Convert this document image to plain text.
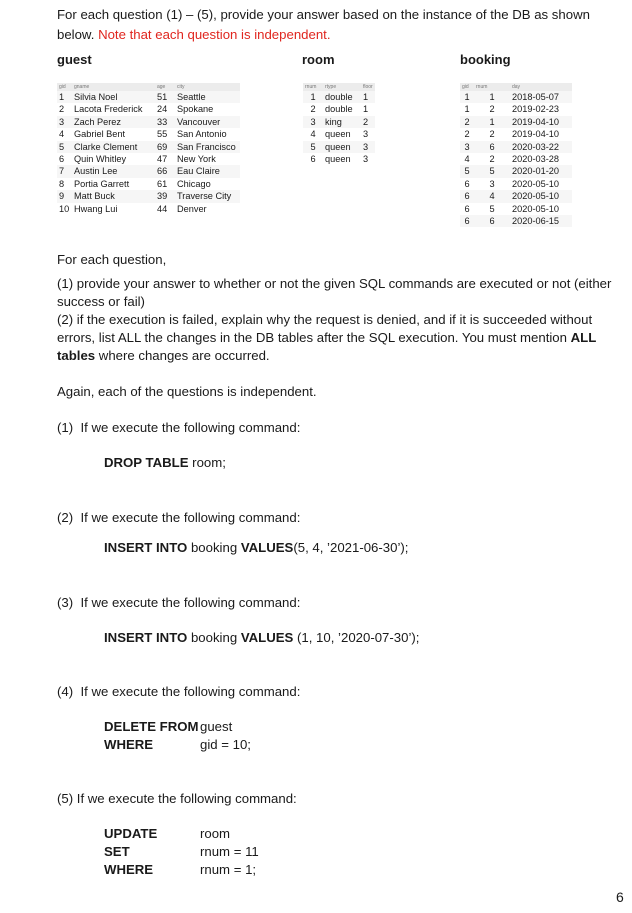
For each question (1) – (5), provide your answer based on the instance of the DB as shown
below. Note that each question is independent.
guest	room	booking
gid	gname	age	city
1	Silvia Noel	51	Seattle
2	Lacota Frederick	24	Spokane
3	Zach Perez	33	Vancouver
4	Gabriel Bent	55	San Antonio
5	Clarke Clement	69	San Francisco
6	Quin Whitley	47	New York
7	Austin Lee	66	Eau Claire
8	Portia Garrett	61	Chicago
9	Matt Buck	39	Traverse City
10	Hwang Lui	44	Denver
rnum	rtype	floor
1	double	1
2	double	1
3	king	2
4	queen	3
5	queen	3
6	queen	3
gid	rnum	day
1	1	2018-05-07
1	2	2019-02-23
2	1	2019-04-10
2	2	2019-04-10
3	6	2020-03-22
4	2	2020-03-28
5	5	2020-01-20
6	3	2020-05-10
6	4	2020-05-10
6	5	2020-05-10
6	6	2020-06-15
For each question,
(1) provide your answer to whether or not the given SQL commands are executed or not (either
success or fail)
(2) if the execution is failed, explain why the request is denied, and if it is succeeded without
errors, list ALL the changes in the DB tables after the SQL execution. You must mention ALL
tables where changes are occurred.
Again, each of the questions is independent.
(1) If we execute the following command:
DROP TABLE room;
(2) If we execute the following command:
INSERT INTO booking VALUES(5, 4, ’2021-06-30’);
(3) If we execute the following command:
INSERT INTO booking VALUES (1, 10, ’2020-07-30’);
(4) If we execute the following command:
DELETE FROM guest
WHERE	gid = 10;
(5) If we execute the following command:
UPDATE	room
SET	rnum = 11
WHERE	rnum = 1;
6
